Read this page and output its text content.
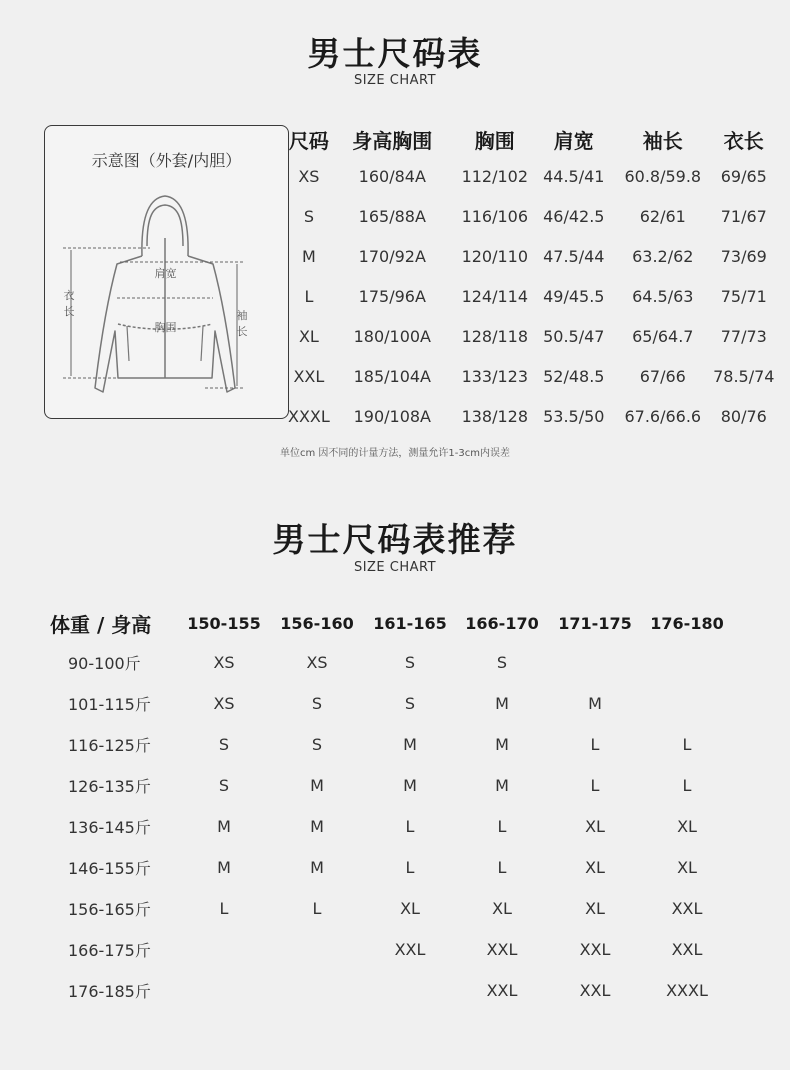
男士尺码表
SIZE CHART
示意图（外套/内胆）
衣
长
肩宽
胸围
袖
长
尺码	身高胸围	胸围	肩宽	袖长	衣长
XS	160/84A	112/102	44.5/41	60.8/59.8	69/65
S	165/88A	116/106	46/42.5	62/61	71/67
M	170/92A	120/110	47.5/44	63.2/62	73/69
L	175/96A	124/114	49/45.5	64.5/63	75/71
XL	180/100A	128/118	50.5/47	65/64.7	77/73
XXL	185/104A	133/123	52/48.5	67/66	78.5/74
XXXL	190/108A	138/128	53.5/50	67.6/66.6	80/76
单位cm 因不同的计量方法，测量允许1-3cm内误差
男士尺码表推荐
SIZE CHART
体重 / 身高	150-155	156-160	161-165	166-170	171-175	176-180
90-100斤	XS	XS	S	S		
101-115斤	XS	S	S	M	M	
116-125斤	S	S	M	M	L	L
126-135斤	S	M	M	M	L	L
136-145斤	M	M	L	L	XL	XL
146-155斤	M	M	L	L	XL	XL
156-165斤	L	L	XL	XL	XL	XXL
166-175斤			XXL	XXL	XXL	XXL
176-185斤				XXL	XXL	XXXL
